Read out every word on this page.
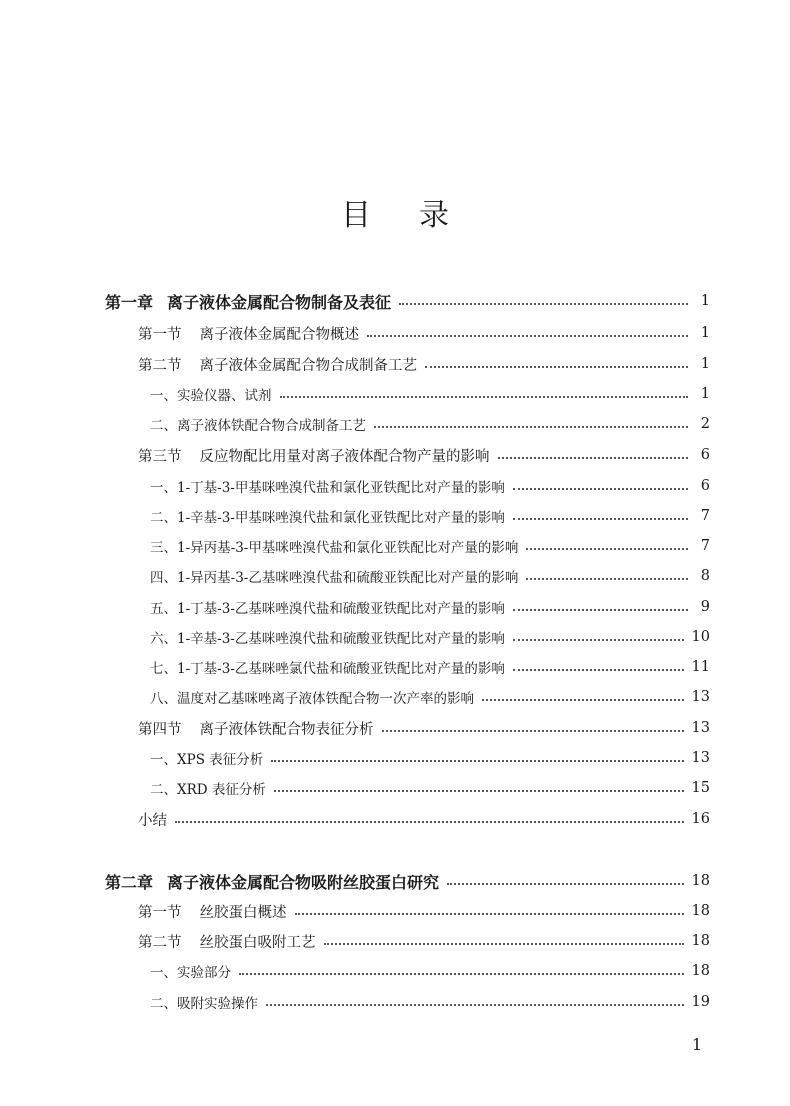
目录
第一章 离子液体金属配合物制备及表征	1
第一节 离子液体金属配合物概述	1
第二节 离子液体金属配合物合成制备工艺	1
一、实验仪器、试剂	1
二、离子液体铁配合物合成制备工艺	2
第三节 反应物配比用量对离子液体配合物产量的影响	6
一、1-丁基-3-甲基咪唑溴代盐和氯化亚铁配比对产量的影响	6
二、1-辛基-3-甲基咪唑溴代盐和氯化亚铁配比对产量的影响	7
三、1-异丙基-3-甲基咪唑溴代盐和氯化亚铁配比对产量的影响	7
四、1-异丙基-3-乙基咪唑溴代盐和硫酸亚铁配比对产量的影响	8
五、1-丁基-3-乙基咪唑溴代盐和硫酸亚铁配比对产量的影响	9
六、1-辛基-3-乙基咪唑溴代盐和硫酸亚铁配比对产量的影响	10
七、1-丁基-3-乙基咪唑氯代盐和硫酸亚铁配比对产量的影响	11
八、温度对乙基咪唑离子液体铁配合物一次产率的影响	13
第四节 离子液体铁配合物表征分析	13
一、XPS 表征分析	13
二、XRD 表征分析	15
小结	16
第二章 离子液体金属配合物吸附丝胶蛋白研究	18
第一节 丝胶蛋白概述	18
第二节 丝胶蛋白吸附工艺	18
一、实验部分	18
二、吸附实验操作	19
1
